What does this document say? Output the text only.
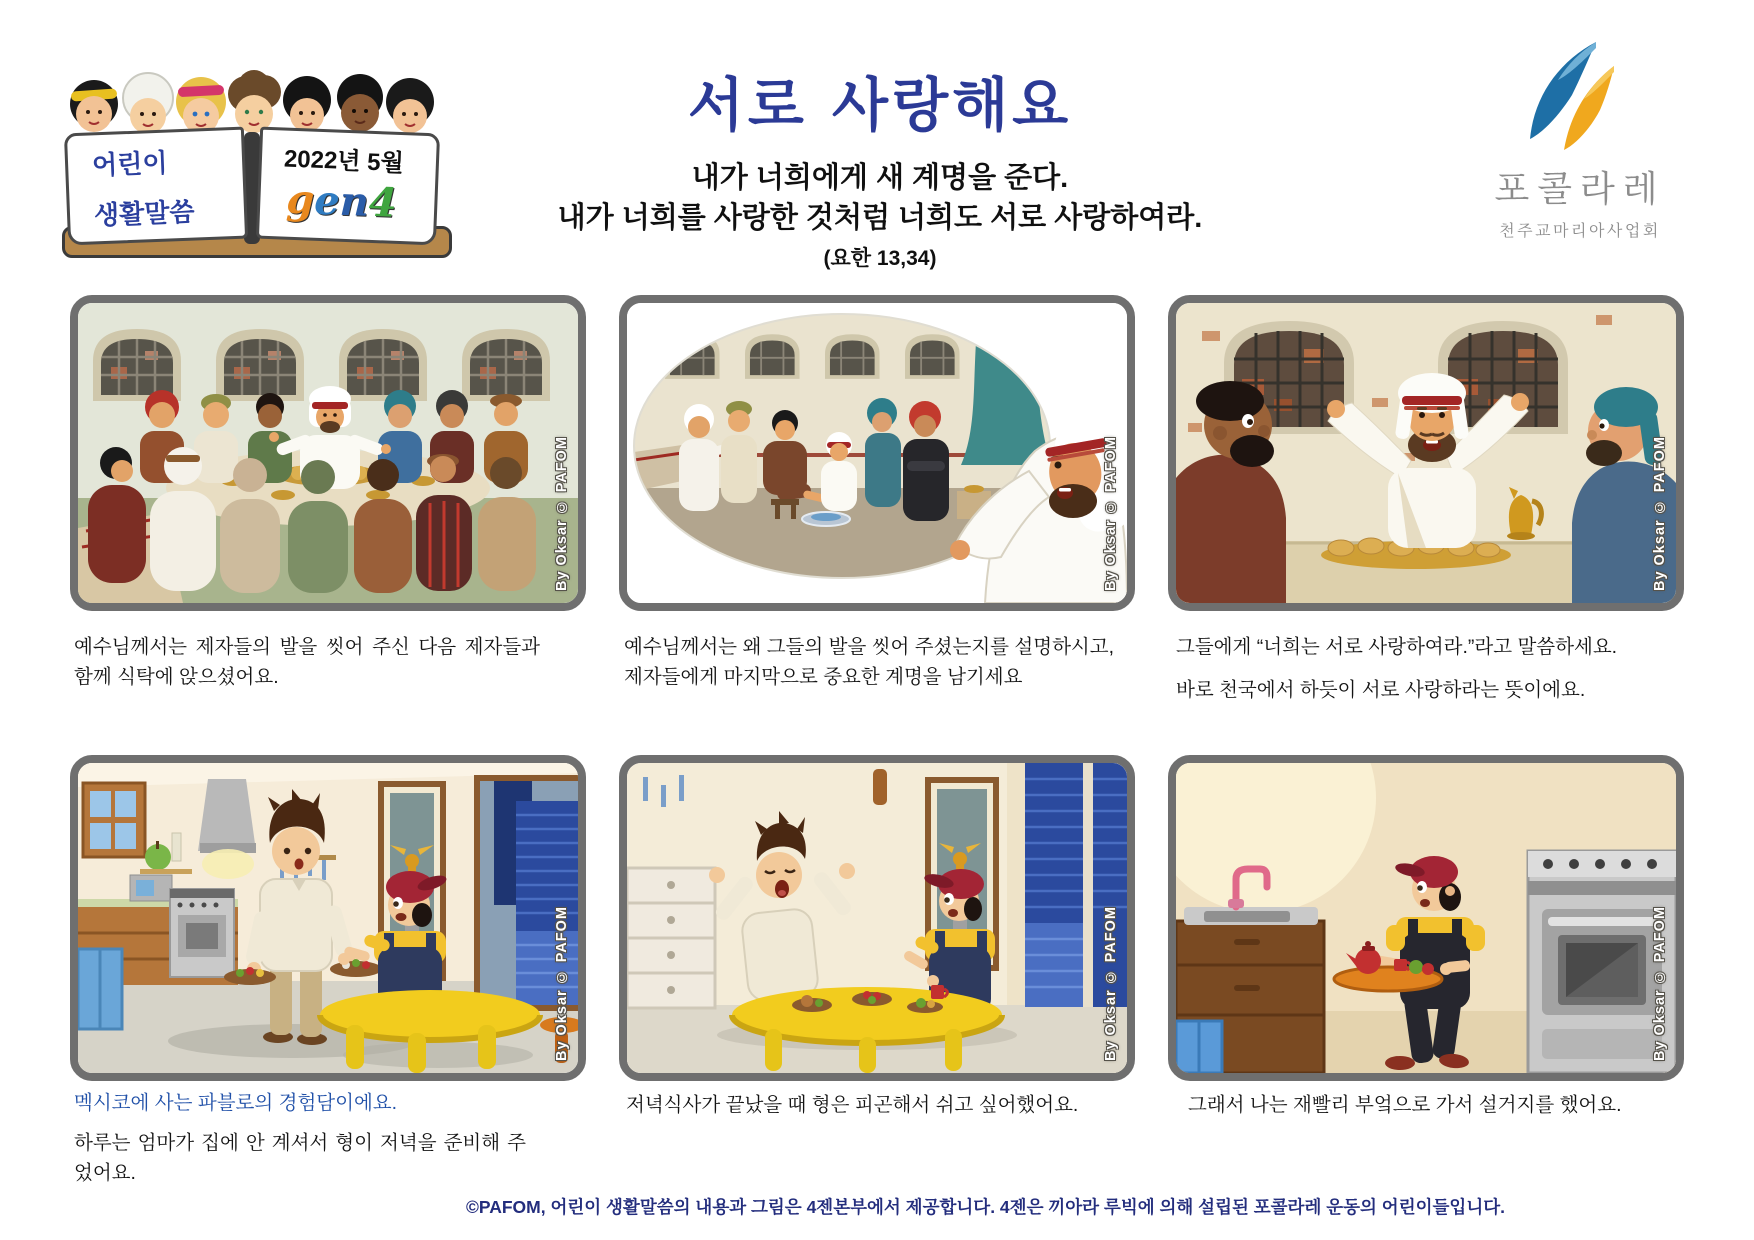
어린이
생활말씀
2022년 5월
gen4
서로 사랑해요
내가 너희에게 새 계명을 준다.
내가 너희를 사랑한 것처럼 너희도 서로 사랑하여라.
(요한 13,34)
포콜라레
천주교마리아사업회
By Oksar © PAFOM	By Oksar © PAFOM	By Oksar © PAFOM
By Oksar © PAFOM	By Oksar © PAFOM	By Oksar © PAFOM
예수님께서는 제자들의 발을 씻어 주신 다음 제자들과 함께 식탁에 앉으셨어요.
예수님께서는 왜 그들의 발을 씻어 주셨는지를 설명하시고, 제자들에게 마지막으로 중요한 계명을 남기세요
그들에게 “너희는 서로 사랑하여라.”라고 말씀하세요.
바로 천국에서 하듯이 서로 사랑하라는 뜻이에요.
멕시코에 사는 파블로의 경험담이에요.
하루는 엄마가 집에 안 계셔서 형이 저녁을 준비해 주었어요.
저녁식사가 끝났을 때 형은 피곤해서 쉬고 싶어했어요.	그래서 나는 재빨리 부엌으로 가서 설거지를 했어요.
©PAFOM, 어린이 생활말씀의 내용과 그림은 4젠본부에서 제공합니다. 4젠은 끼아라 루빅에 의해 설립된 포콜라레 운동의 어린이들입니다.
